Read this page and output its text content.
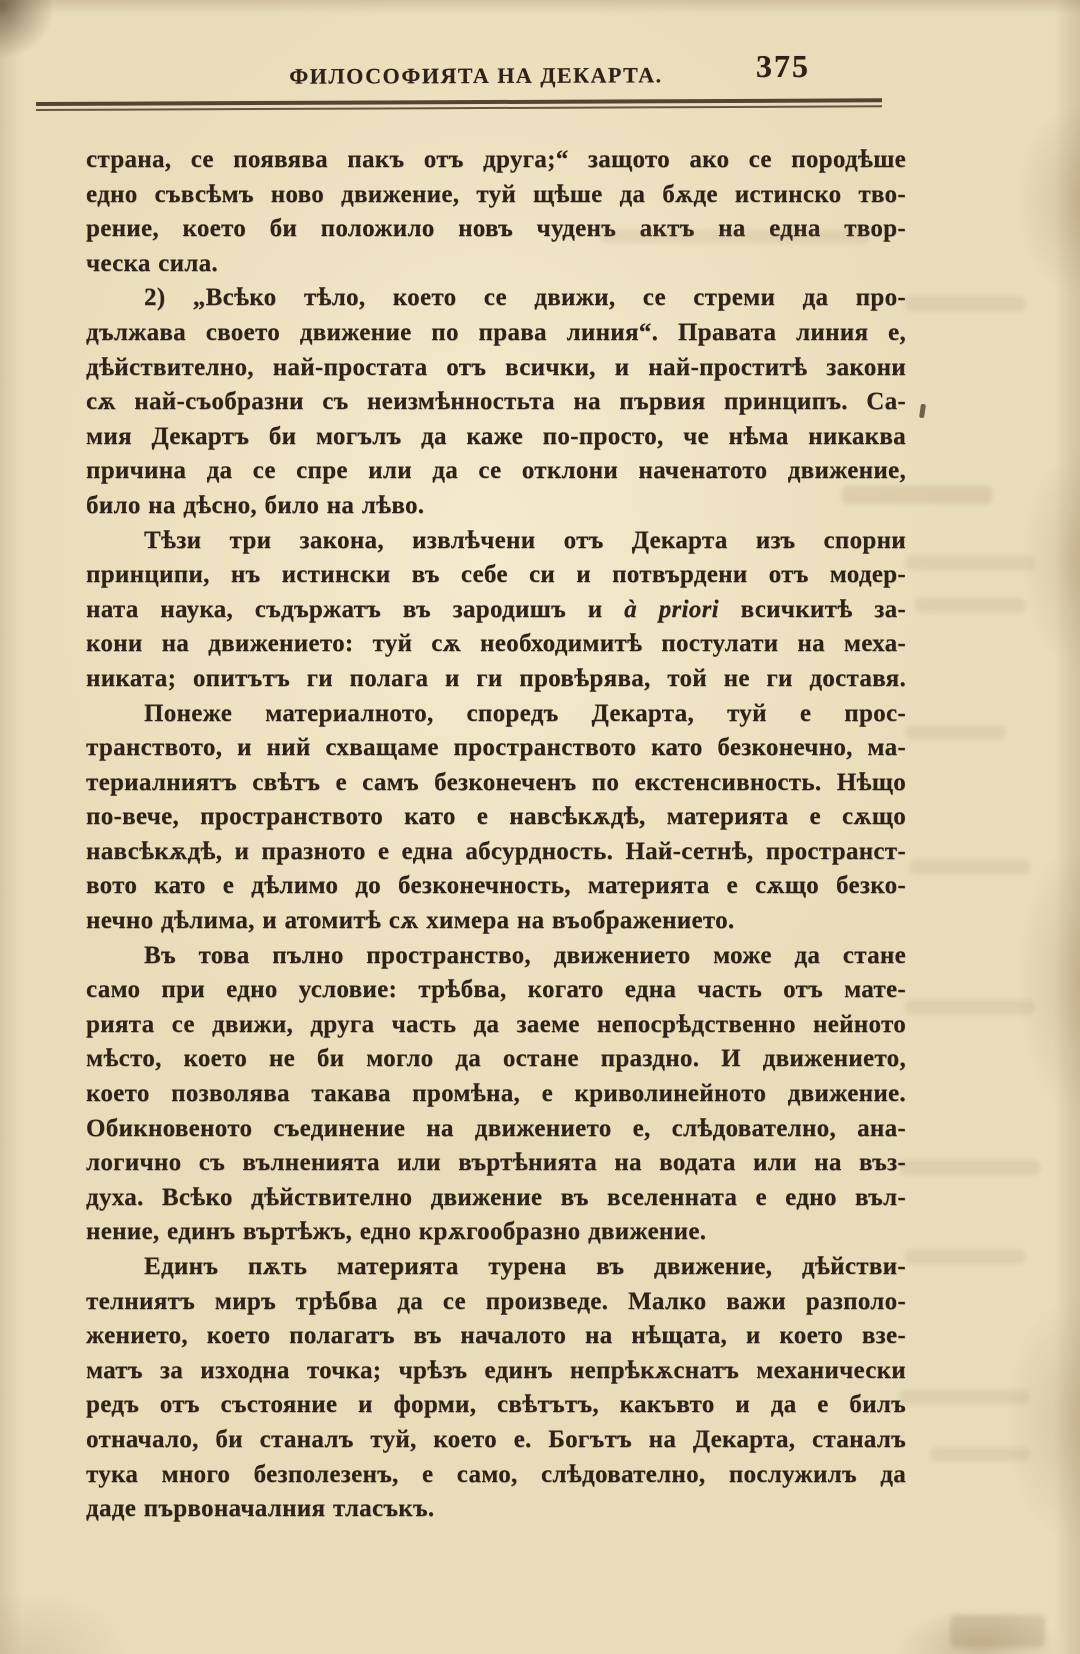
ФИЛОСОФИЯТА НА ДЕКАРТА.	375
страна, се появява пакъ отъ друга;“ защото ако се породѣше
едно съвсѣмъ ново движение, туй щѣше да бѫде истинско тво-
рение, което би положило новъ чуденъ актъ на една твор-
ческа сила.
2) „Всѣко тѣло, което се движи, се стреми да про-
дължава своето движение по права линия“. Правата линия е,
дѣйствително, най-простата отъ всички, и най-проститѣ закони
сѫ най-съобразни съ неизмѣнностьта на първия принципъ. Са-
мия Декартъ би могълъ да каже по-просто, че нѣма никаква
причина да се спре или да се отклони наченатото движение,
било на дѣсно, било на лѣво.
Тѣзи три закона, извлѣчени отъ Декарта изъ спорни
принципи, нъ истински въ себе си и потвърдени отъ модер-
ната наука, съдържатъ въ зародишъ и à priori всичкитѣ за-
кони на движението: туй сѫ необходимитѣ постулати на меха-
никата; опитътъ ги полага и ги провѣрява, той не ги доставя.
Понеже материалното, споредъ Декарта, туй е прос-
транството, и ний схващаме пространството като безконечно, ма-
териалниятъ свѣтъ е самъ безконеченъ по екстенсивность. Нѣщо
по-вече, пространството като е навсѣкѫдѣ, материята е сѫщо
навсѣкѫдѣ, и празното е една абсурдность. Най-сетнѣ, пространст-
вото като е дѣлимо до безконечность, материята е сѫщо безко-
нечно дѣлима, и атомитѣ сѫ химера на въображението.
Въ това пълно пространство, движението може да стане
само при едно условие: трѣбва, когато една часть отъ мате-
рията се движи, друга часть да заеме непосрѣдственно нейното
мѣсто, което не би могло да остане праздно. И движението,
което позволява такава промѣна, е криволинейното движение.
Обикновеното съединение на движението е, слѣдователно, ана-
логично съ вълненията или въртѣнията на водата или на въз-
духа. Всѣко дѣйствително движение въ вселенната е едно въл-
нение, единъ въртѣжъ, едно крѫгообразно движение.
Единъ пѫть материята турена въ движение, дѣйстви-
телниятъ миръ трѣбва да се произведе. Малко важи разполо-
жението, което полагатъ въ началото на нѣщата, и което взе-
матъ за изходна точка; чрѣзъ единъ непрѣкѫснатъ механически
редъ отъ състояние и форми, свѣтътъ, какъвто и да е билъ
отначало, би станалъ туй, което е. Богътъ на Декарта, станалъ
тука много безполезенъ, е само, слѣдователно, послужилъ да
даде първоначалния тласъкъ.
